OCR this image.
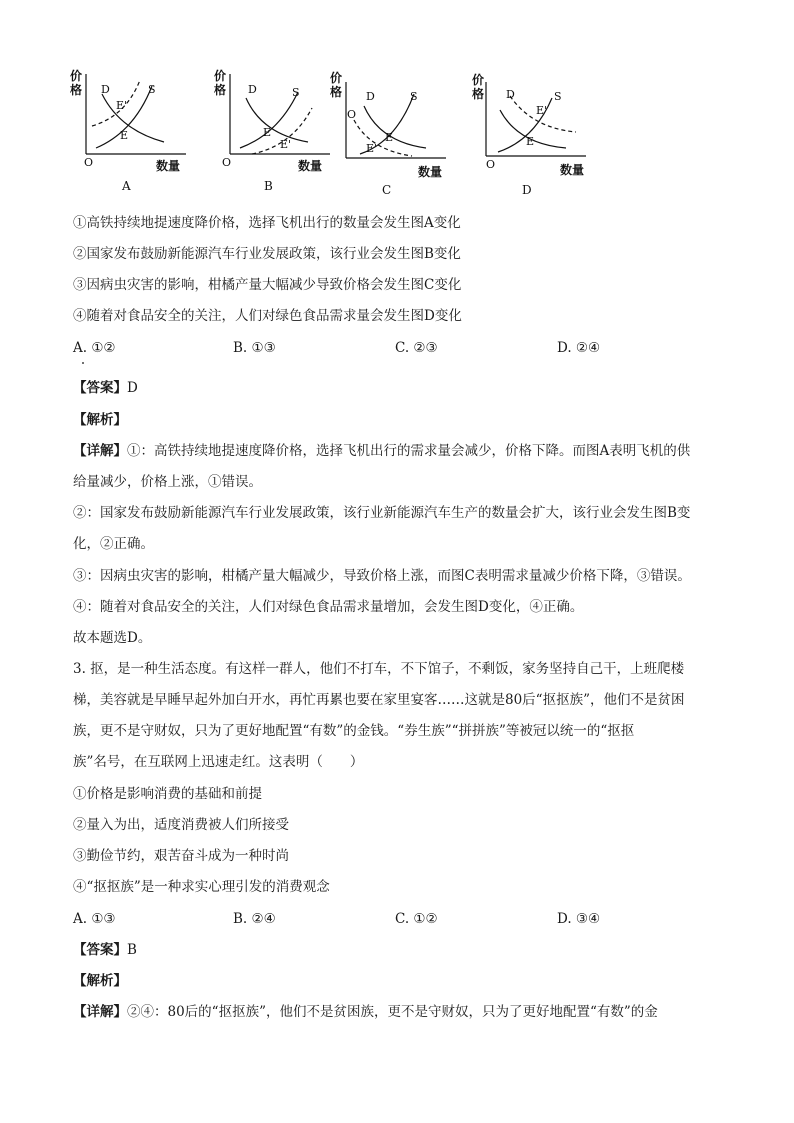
价
格
O	数量
D	S
E'
E
A
价
格
O	数量
D	S
E
E'
B
价
格
O
数量
D	S
E
E'
C
价
格
O	数量
D	S
E'
E
D
①高铁持续地提速度降价格，选择飞机出行的数量会发生图A变化
②国家发布鼓励新能源汽车行业发展政策，该行业会发生图B变化
③因病虫灾害的影响，柑橘产量大幅减少导致价格会发生图C变化
④随着对食品安全的关注，人们对绿色食品需求量会发生图D变化
A. ①②	B. ①③	C. ②③	D. ②④
【答案】D
【解析】
【详解】①：高铁持续地提速度降价格，选择飞机出行的需求量会减少，价格下降。而图A表明飞机的供
给量减少，价格上涨，①错误。
②：国家发布鼓励新能源汽车行业发展政策，该行业新能源汽车生产的数量会扩大，该行业会发生图B变
化，②正确。
③：因病虫灾害的影响，柑橘产量大幅减少，导致价格上涨，而图C表明需求量减少价格下降，③错误。
④：随着对食品安全的关注，人们对绿色食品需求量增加，会发生图D变化，④正确。
故本题选D。
3. 抠，是一种生活态度。有这样一群人，他们不打车，不下馆子，不剩饭，家务坚持自己干，上班爬楼
梯，美容就是早睡早起外加白开水，再忙再累也要在家里宴客……这就是80后“抠抠族”，他们不是贫困
族，更不是守财奴，只为了更好地配置“有数”的金钱。“券生族”“拼拼族”等被冠以统一的“抠抠
族”名号，在互联网上迅速走红。这表明（　　）
①价格是影响消费的基础和前提
②量入为出，适度消费被人们所接受
③勤俭节约，艰苦奋斗成为一种时尚
④“抠抠族”是一种求实心理引发的消费观念
A. ①③	B. ②④	C. ①②	D. ③④
【答案】B
【解析】
【详解】②④：80后的“抠抠族”，他们不是贫困族，更不是守财奴，只为了更好地配置“有数”的金
